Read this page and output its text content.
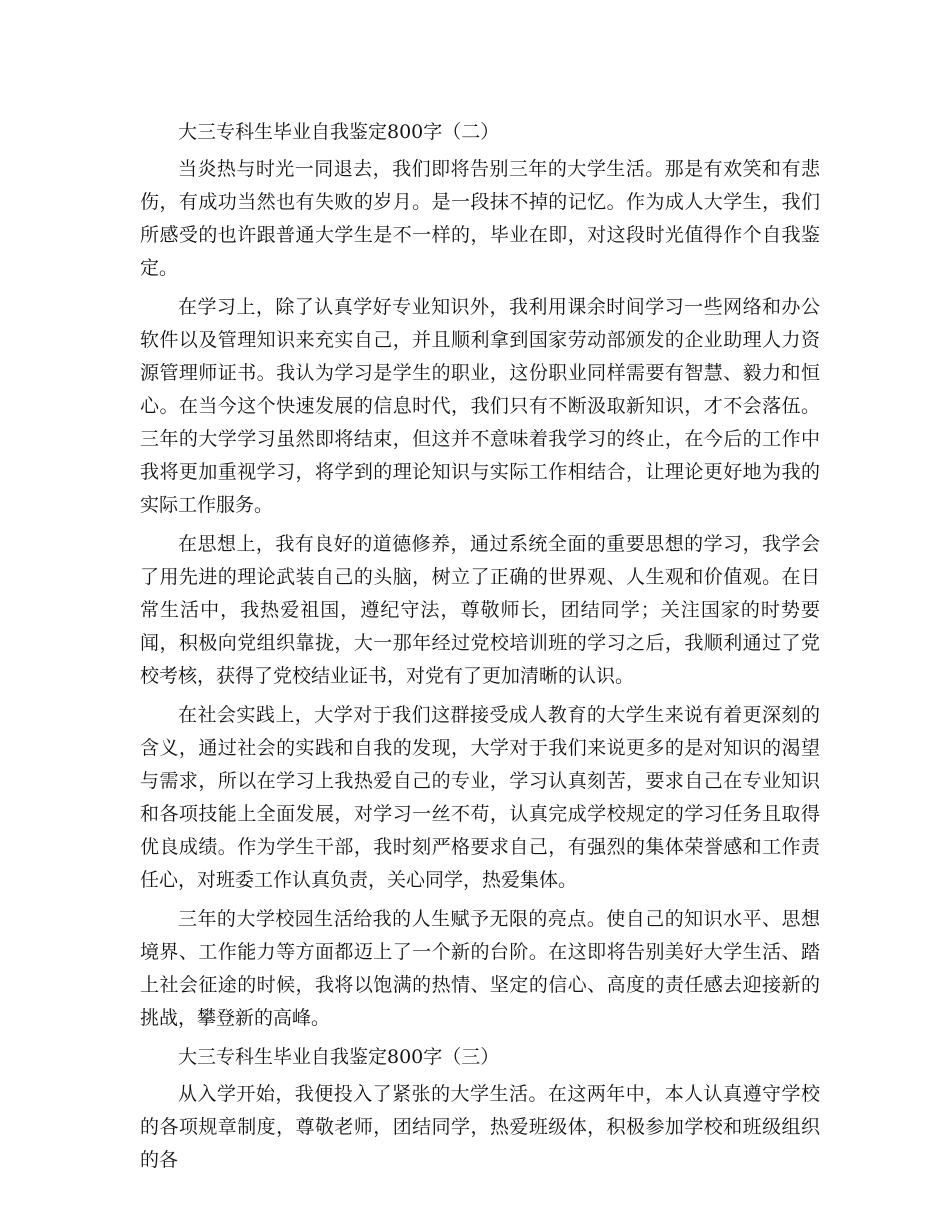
大三专科生毕业自我鉴定800字（二）

当炎热与时光一同退去，我们即将告别三年的大学生活。那是有欢笑和有悲伤，有成功当然也有失败的岁月。是一段抹不掉的记忆。作为成人大学生，我们所感受的也许跟普通大学生是不一样的，毕业在即，对这段时光值得作个自我鉴定。

在学习上，除了认真学好专业知识外，我利用课余时间学习一些网络和办公软件以及管理知识来充实自己，并且顺利拿到国家劳动部颁发的企业助理人力资源管理师证书。我认为学习是学生的职业，这份职业同样需要有智慧、毅力和恒心。在当今这个快速发展的信息时代，我们只有不断汲取新知识，才不会落伍。三年的大学学习虽然即将结束，但这并不意味着我学习的终止，在今后的工作中我将更加重视学习，将学到的理论知识与实际工作相结合，让理论更好地为我的实际工作服务。

在思想上，我有良好的道德修养，通过系统全面的重要思想的学习，我学会了用先进的理论武装自己的头脑，树立了正确的世界观、人生观和价值观。在日常生活中，我热爱祖国，遵纪守法，尊敬师长，团结同学；关注国家的时势要闻，积极向党组织靠拢，大一那年经过党校培训班的学习之后，我顺利通过了党校考核，获得了党校结业证书，对党有了更加清晰的认识。

在社会实践上，大学对于我们这群接受成人教育的大学生来说有着更深刻的含义，通过社会的实践和自我的发现，大学对于我们来说更多的是对知识的渴望与需求，所以在学习上我热爱自己的专业，学习认真刻苦，要求自己在专业知识和各项技能上全面发展，对学习一丝不苟，认真完成学校规定的学习任务且取得优良成绩。作为学生干部，我时刻严格要求自己，有强烈的集体荣誉感和工作责任心，对班委工作认真负责，关心同学，热爱集体。

三年的大学校园生活给我的人生赋予无限的亮点。使自己的知识水平、思想境界、工作能力等方面都迈上了一个新的台阶。在这即将告别美好大学生活、踏上社会征途的时候，我将以饱满的热情、坚定的信心、高度的责任感去迎接新的挑战，攀登新的高峰。

大三专科生毕业自我鉴定800字（三）

从入学开始，我便投入了紧张的大学生活。在这两年中，本人认真遵守学校的各项规章制度，尊敬老师，团结同学，热爱班级体，积极参加学校和班级组织的各
